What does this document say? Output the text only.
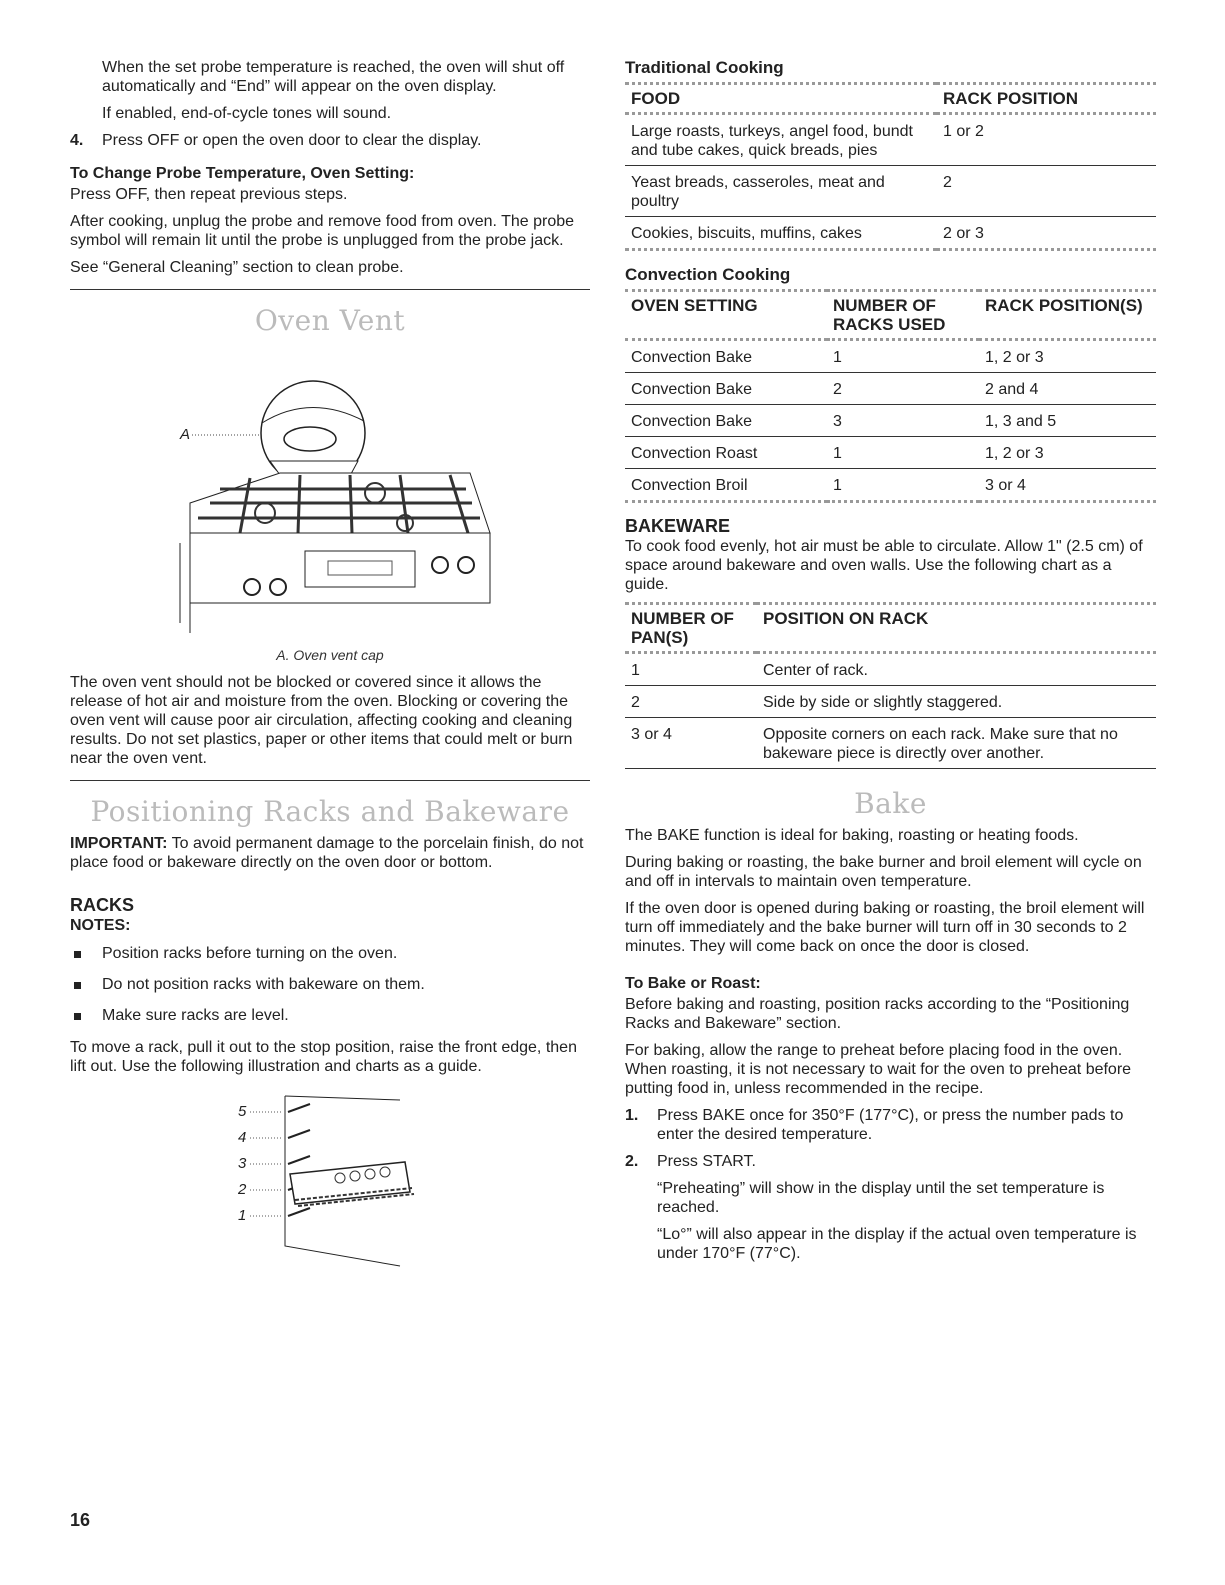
When the set probe temperature is reached, the oven will shut off automatically and “End” will appear on the oven display.

If enabled, end-of-cycle tones will sound.

4.	Press OFF or open the oven door to clear the display.
To Change Probe Temperature, Oven Setting:

Press OFF, then repeat previous steps.

After cooking, unplug the probe and remove food from oven. The probe symbol will remain lit until the probe is unplugged from the probe jack.

See “General Cleaning” section to clean probe.

Oven Vent
A
A. Oven vent cap

The oven vent should not be blocked or covered since it allows the release of hot air and moisture from the oven. Blocking or covering the oven vent will cause poor air circulation, affecting cooking and cleaning results. Do not set plastics, paper or other items that could melt or burn near the oven vent.

Positioning Racks and Bakeware

IMPORTANT: To avoid permanent damage to the porcelain finish, do not place food or bakeware directly on the oven door or bottom.

RACKS
NOTES:
Position racks before turning on the oven.
Do not position racks with bakeware on them.
Make sure racks are level.

To move a rack, pull it out to the stop position, raise the front edge, then lift out. Use the following illustration and charts as a guide.

5
4
3
2
1
Traditional Cooking
FOOD	RACK POSITION
Large roasts, turkeys, angel food, bundt and tube cakes, quick breads, pies	1 or 2
Yeast breads, casseroles, meat and poultry	2
Cookies, biscuits, muffins, cakes	2 or 3
Convection Cooking
OVEN SETTING	NUMBER OF RACKS USED	RACK POSITION(S)
Convection Bake	1	1, 2 or 3
Convection Bake	2	2 and 4
Convection Bake	3	1, 3 and 5
Convection Roast	1	1, 2 or 3
Convection Broil	1	3 or 4
BAKEWARE

To cook food evenly, hot air must be able to circulate. Allow 1" (2.5 cm) of space around bakeware and oven walls. Use the following chart as a guide.

NUMBER OF PAN(S)	POSITION ON RACK
1	Center of rack.
2	Side by side or slightly staggered.
3 or 4	Opposite corners on each rack. Make sure that no bakeware piece is directly over another.
Bake

The BAKE function is ideal for baking, roasting or heating foods.

During baking or roasting, the bake burner and broil element will cycle on and off in intervals to maintain oven temperature.

If the oven door is opened during baking or roasting, the broil element will turn off immediately and the bake burner will turn off in 30 seconds to 2 minutes. They will come back on once the door is closed.

To Bake or Roast:

Before baking and roasting, position racks according to the “Positioning Racks and Bakeware” section.

For baking, allow the range to preheat before placing food in the oven. When roasting, it is not necessary to wait for the oven to preheat before putting food in, unless recommended in the recipe.

1.	Press BAKE once for 350°F (177°C), or press the number pads to enter the desired temperature.
2.	Press START.

“Preheating” will show in the display until the set temperature is reached.

“Lo°” will also appear in the display if the actual oven temperature is under 170°F (77°C).

16
